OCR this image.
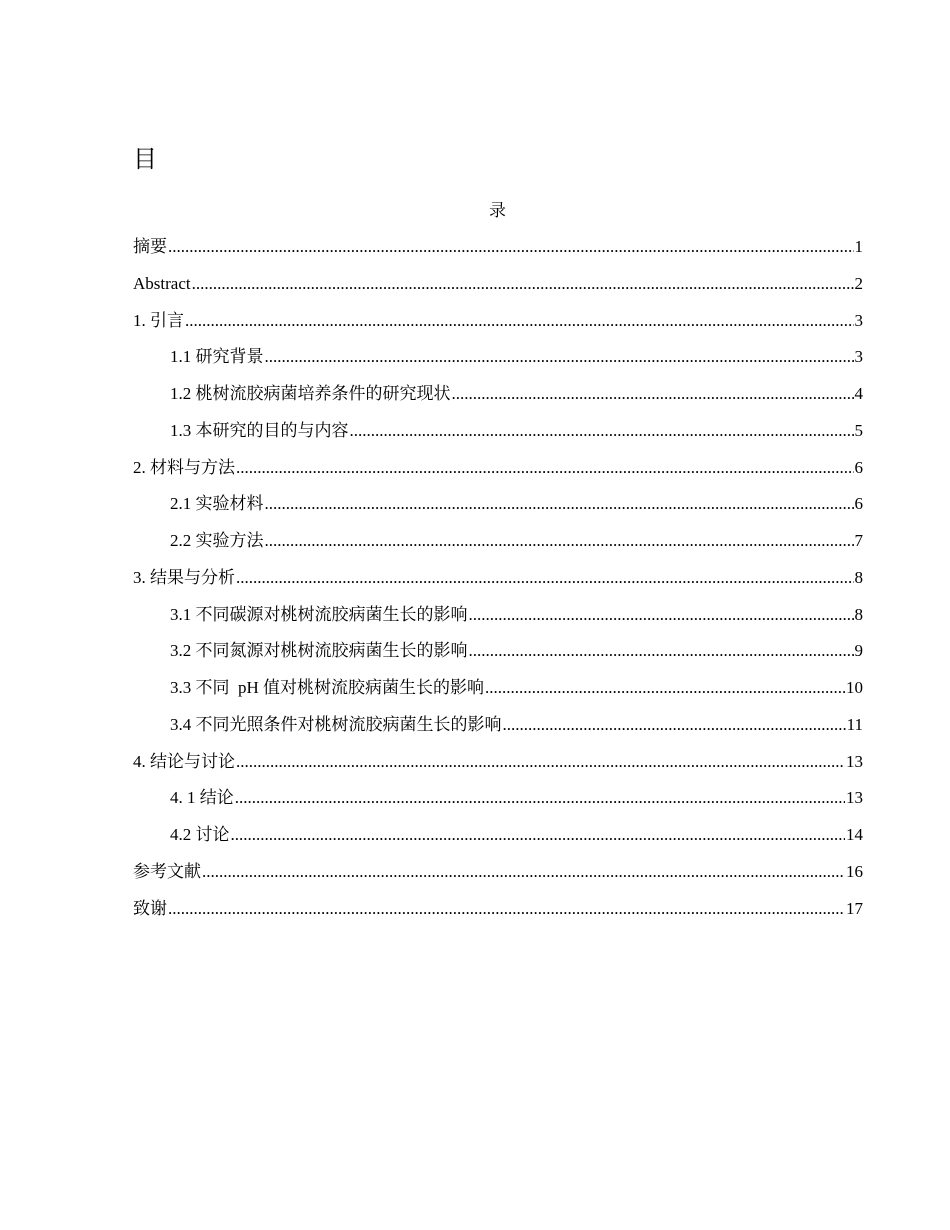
目
录
摘要 .....	1
Abstract .....	2
1. 引言 .....	3
1.1 研究背景 .....	3
1.2 桃树流胶病菌培养条件的研究现状 .....	4
1.3 本研究的目的与内容 .....	5
2. 材料与方法 .....	6
2.1 实验材料 .....	6
2.2 实验方法 .....	7
3. 结果与分析 .....	8
3.1 不同碳源对桃树流胶病菌生长的影响 .....	8
3.2 不同氮源对桃树流胶病菌生长的影响 .....	9
3.3 不同  pH 值对桃树流胶病菌生长的影响 .....	10
3.4 不同光照条件对桃树流胶病菌生长的影响 .....	11
4. 结论与讨论 .....	13
4. 1 结论 .....	13
4.2 讨论 .....	14
参考文献 .....	16
致谢 .....	17
